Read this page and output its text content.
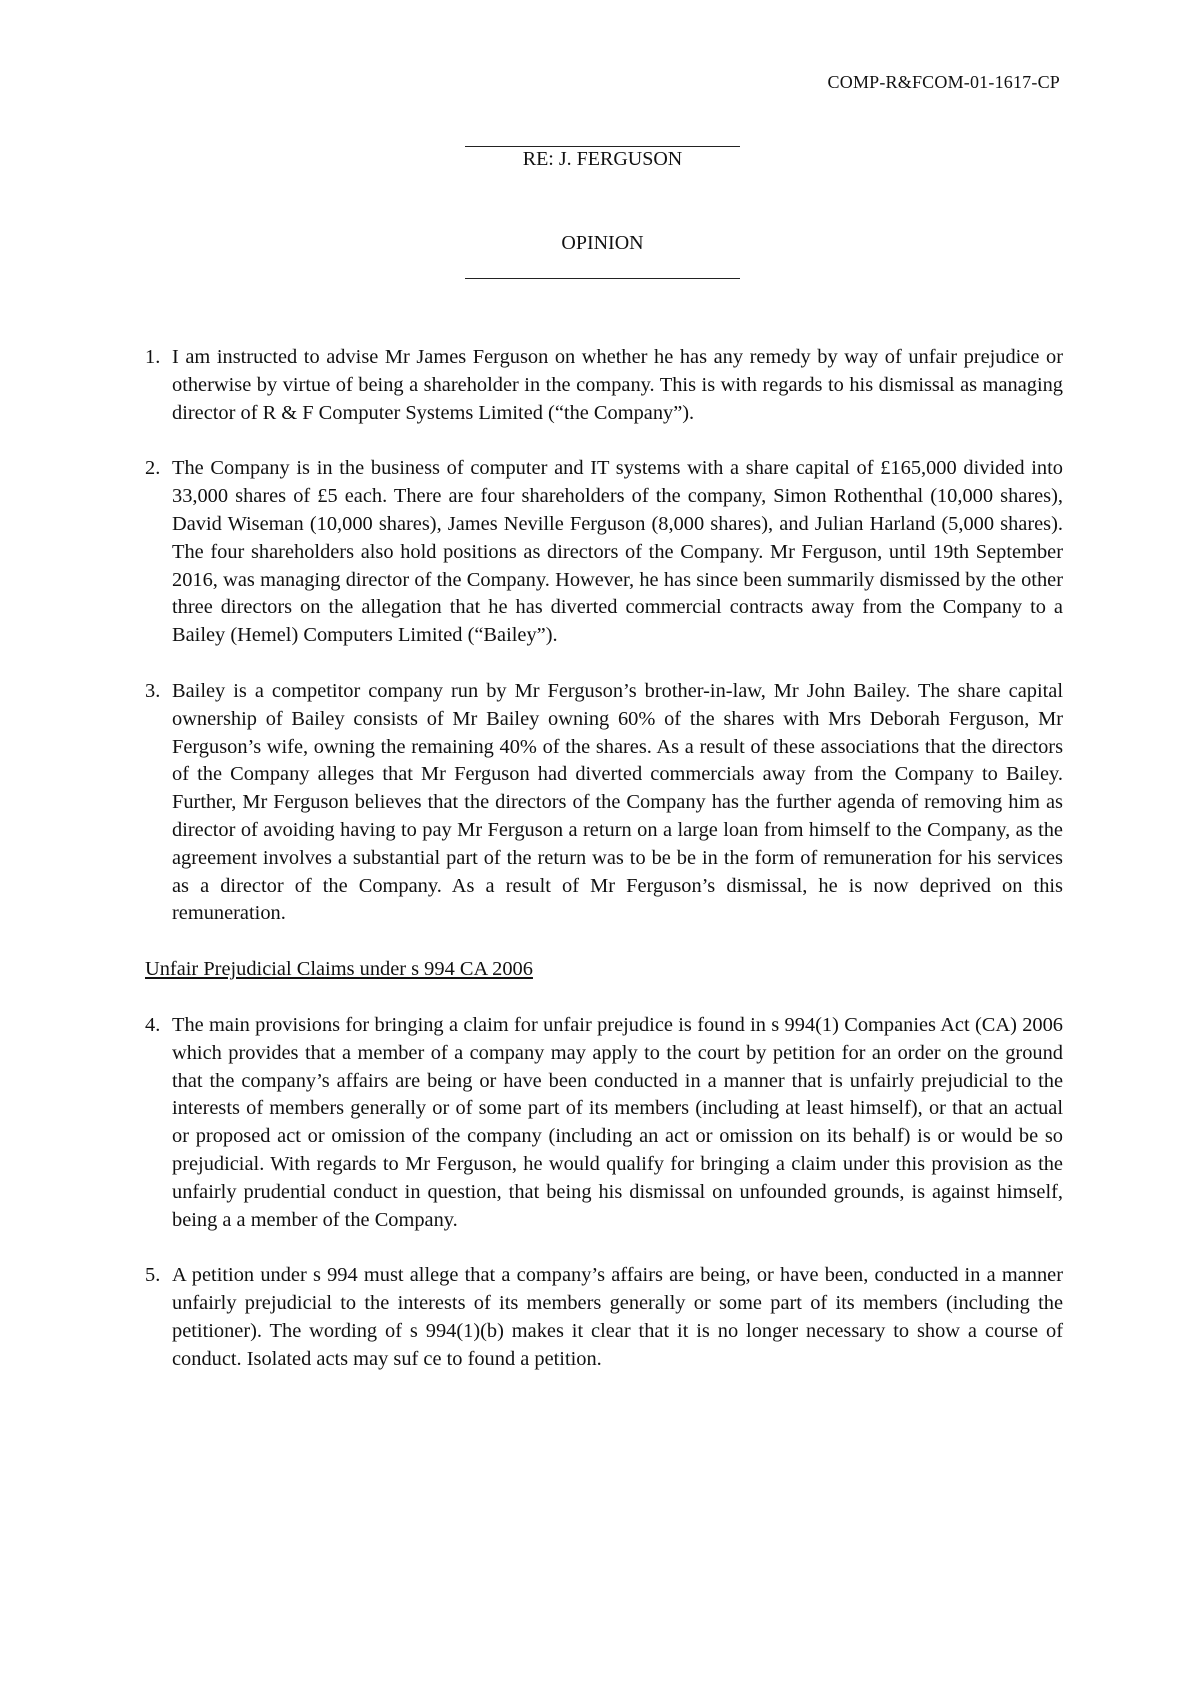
COMP-R&FCOM-01-1617-CP
RE: J. FERGUSON
OPINION

1. I am instructed to advise Mr James Ferguson on whether he has any remedy by way of unfair prejudice or otherwise by virtue of being a shareholder in the company. This is with regards to his dismissal as managing director of R & F Computer Systems Limited (“the Company”).

2. The Company is in the business of computer and IT systems with a share capital of £165,000 divided into 33,000 shares of £5 each. There are four shareholders of the company, Simon Rothenthal (10,000 shares), David Wiseman (10,000 shares), James Neville Ferguson (8,000 shares), and Julian Harland (5,000 shares). The four shareholders also hold positions as directors of the Company. Mr Ferguson, until 19th September 2016, was managing director of the Company. However, he has since been summarily dismissed by the other three directors on the allegation that he has diverted commercial contracts away from the Company to a Bailey (Hemel) Computers Limited (“Bailey”).

3. Bailey is a competitor company run by Mr Ferguson’s brother-in-law, Mr John Bailey. The share capital ownership of Bailey consists of Mr Bailey owning 60% of the shares with Mrs Deborah Ferguson, Mr Ferguson’s wife, owning the remaining 40% of the shares. As a result of these associations that the directors of the Company alleges that Mr Ferguson had diverted commercials away from the Company to Bailey. Further, Mr Ferguson believes that the directors of the Company has the further agenda of removing him as director of avoiding having to pay Mr Ferguson a return on a large loan from himself to the Company, as the agreement involves a substantial part of the return was to be be in the form of remuneration for his services as a director of the Company. As a result of Mr Ferguson’s dismissal, he is now deprived on this remuneration.

Unfair Prejudicial Claims under s 994 CA 2006

4. The main provisions for bringing a claim for unfair prejudice is found in s 994(1) Companies Act (CA) 2006 which provides that a member of a company may apply to the court by petition for an order on the ground that the company’s affairs are being or have been conducted in a manner that is unfairly prejudicial to the interests of members generally or of some part of its members (including at least himself), or that an actual or proposed act or omission of the company (including an act or omission on its behalf) is or would be so prejudicial. With regards to Mr Ferguson, he would qualify for bringing a claim under this provision as the unfairly prudential conduct in question, that being his dismissal on unfounded grounds, is against himself, being a a member of the Company.

5. A petition under s 994 must allege that a company’s affairs are being, or have been, conducted in a manner unfairly prejudicial to the interests of its members generally or some part of its members (including the petitioner). The wording of s 994(1)(b) makes it clear that it is no longer necessary to show a course of conduct. Isolated acts may suf ce to found a petition.
